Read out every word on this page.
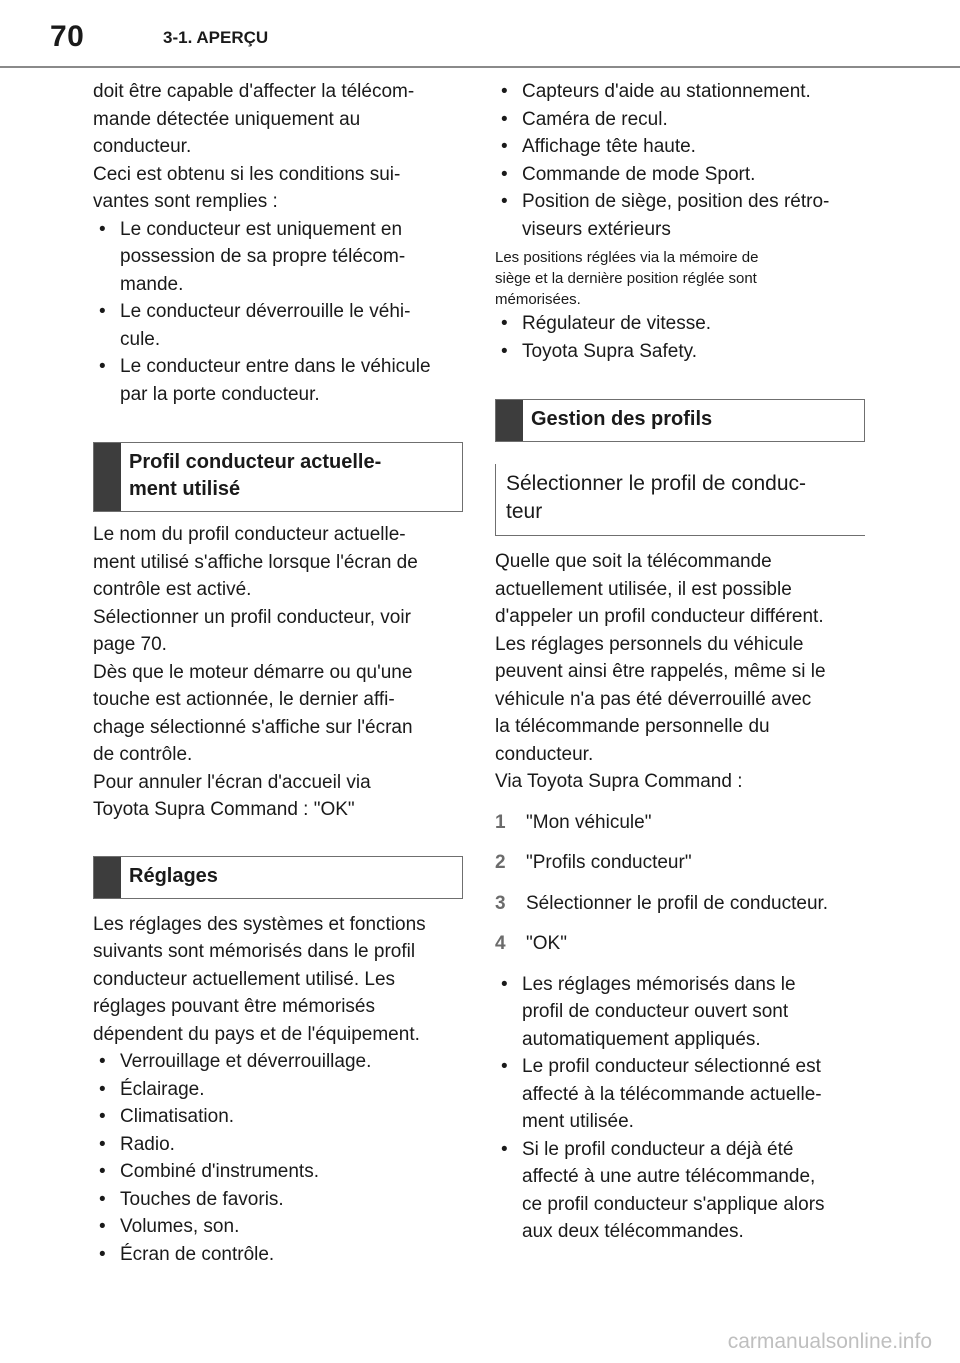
70	3-1. APERÇU

doit être capable d'affecter la télécom-
mande détectée uniquement au
conducteur.

Ceci est obtenu si les conditions sui-
vantes sont remplies :

• Le conducteur est uniquement en
possession de sa propre télécom-
mande.
• Le conducteur déverrouille le véhi-
cule.
• Le conducteur entre dans le véhicule
par la porte conducteur.
Profil conducteur actuelle-
ment utilisé

Le nom du profil conducteur actuelle-
ment utilisé s'affiche lorsque l'écran de
contrôle est activé.

Sélectionner un profil conducteur, voir
page 70.

Dès que le moteur démarre ou qu'une
touche est actionnée, le dernier affi-
chage sélectionné s'affiche sur l'écran
de contrôle.

Pour annuler l'écran d'accueil via
Toyota Supra Command : "OK"

Réglages

Les réglages des systèmes et fonctions
suivants sont mémorisés dans le profil
conducteur actuellement utilisé. Les
réglages pouvant être mémorisés
dépendent du pays et de l'équipement.

• Verrouillage et déverrouillage.
• Éclairage.
• Climatisation.
• Radio.
• Combiné d'instruments.
• Touches de favoris.
• Volumes, son.
• Écran de contrôle.
• Capteurs d'aide au stationnement.
• Caméra de recul.
• Affichage tête haute.
• Commande de mode Sport.
• Position de siège, position des rétro-
viseurs extérieurs

Les positions réglées via la mémoire de
siège et la dernière position réglée sont
mémorisées.

• Régulateur de vitesse.
• Toyota Supra Safety.
Gestion des profils
Sélectionner le profil de conduc-
teur

Quelle que soit la télécommande
actuellement utilisée, il est possible
d'appeler un profil conducteur différent.
Les réglages personnels du véhicule
peuvent ainsi être rappelés, même si le
véhicule n'a pas été déverrouillé avec
la télécommande personnelle du
conducteur.

Via Toyota Supra Command :

1	"Mon véhicule"
2	"Profils conducteur"
3	Sélectionner le profil de conducteur.
4	"OK"
• Les réglages mémorisés dans le
profil de conducteur ouvert sont
automatiquement appliqués.
• Le profil conducteur sélectionné est
affecté à la télécommande actuelle-
ment utilisée.
• Si le profil conducteur a déjà été
affecté à une autre télécommande,
ce profil conducteur s'applique alors
aux deux télécommandes.
carmanualsonline.info
